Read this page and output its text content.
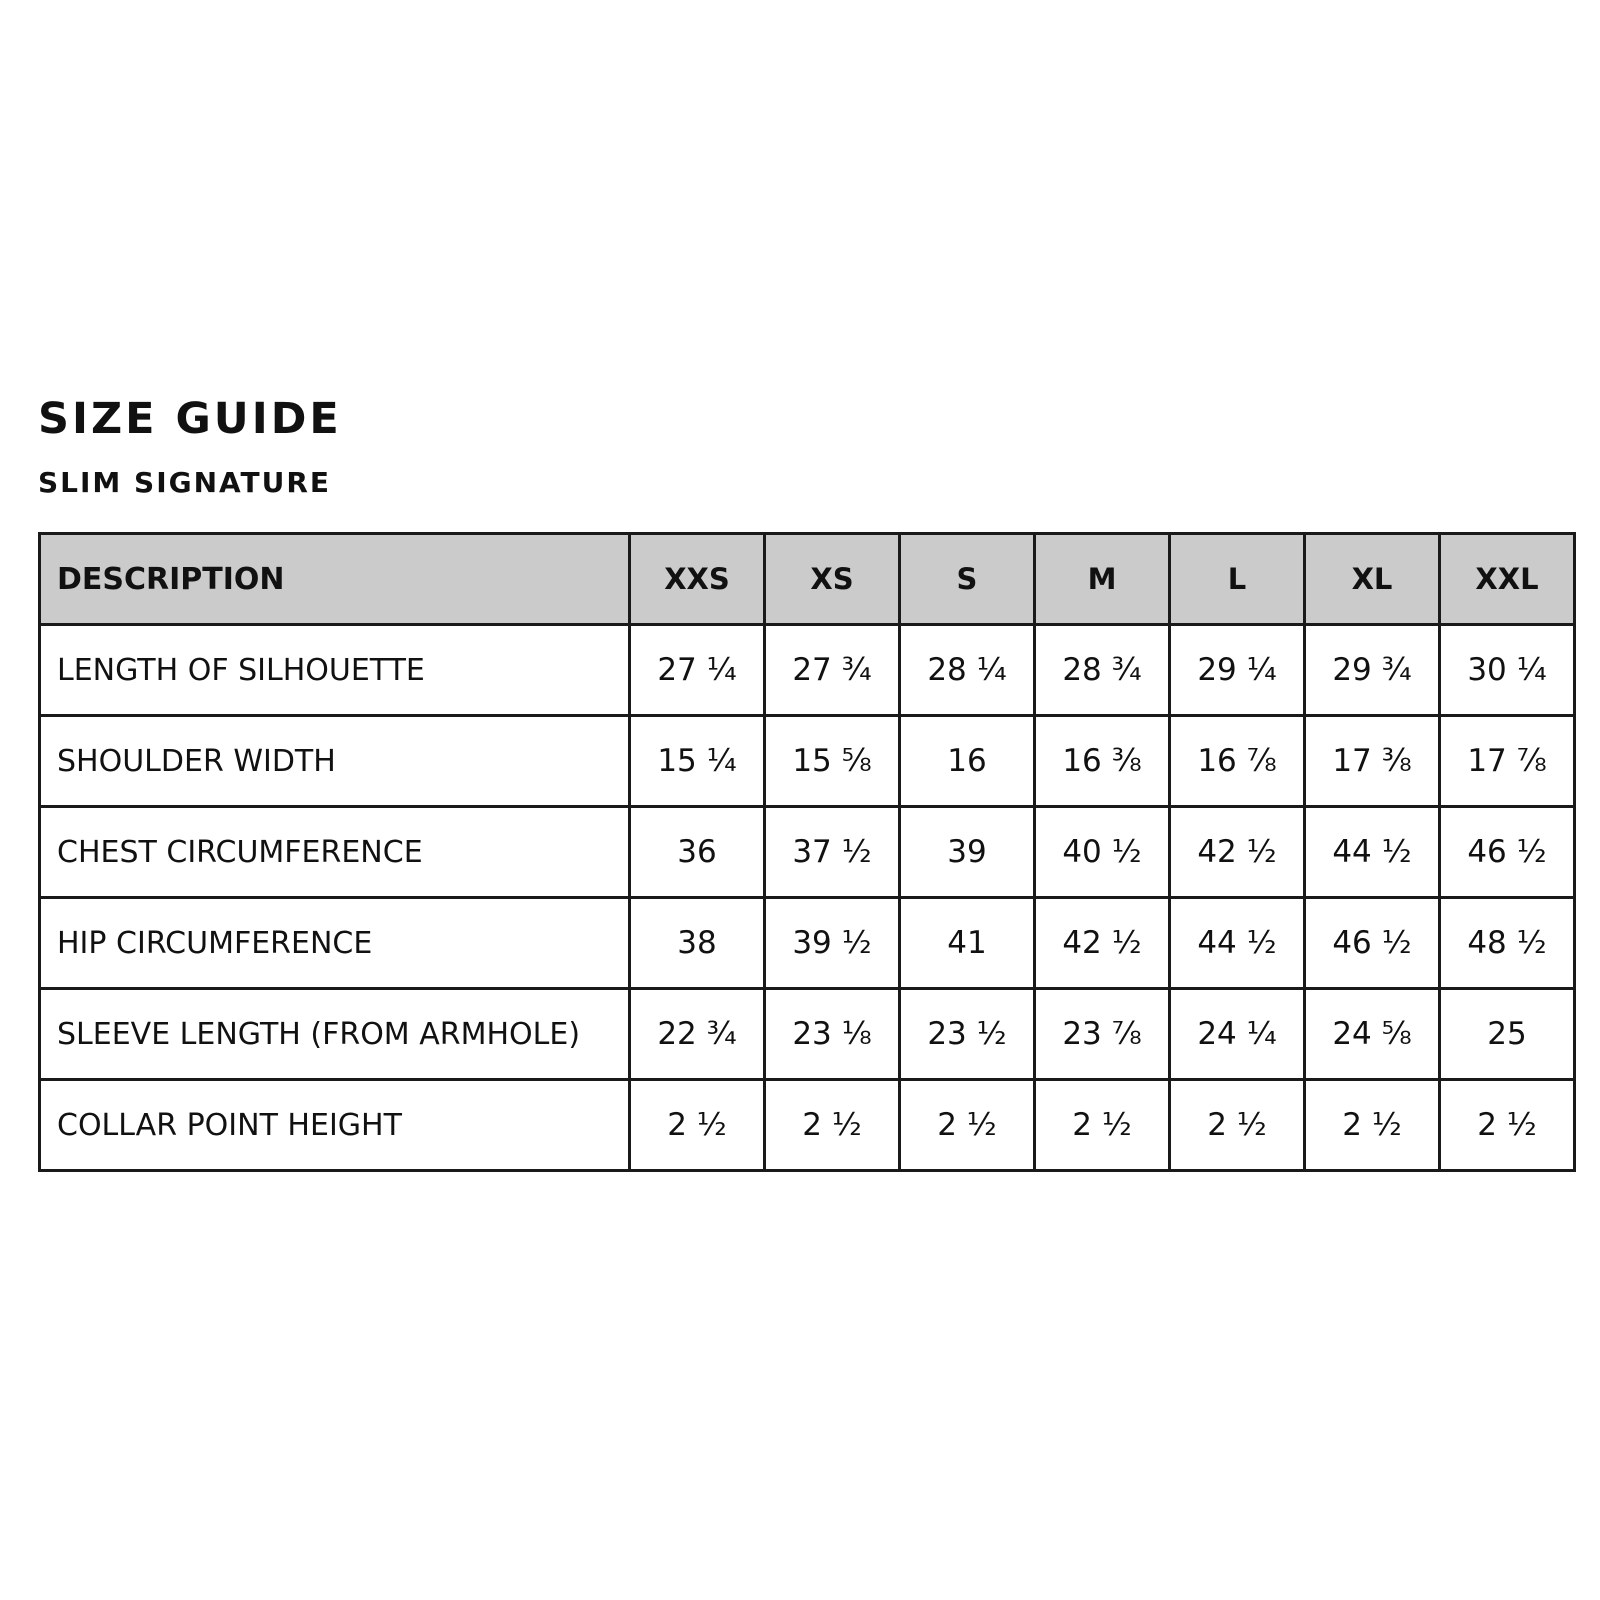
SIZE GUIDE
SLIM SIGNATURE
DESCRIPTION	XXS	XS	S	M	L	XL	XXL
LENGTH OF SILHOUETTE	27 ¼	27 ¾	28 ¼	28 ¾	29 ¼	29 ¾	30 ¼
SHOULDER WIDTH	15 ¼	15 ⅝	16	16 ⅜	16 ⅞	17 ⅜	17 ⅞
CHEST CIRCUMFERENCE	36	37 ½	39	40 ½	42 ½	44 ½	46 ½
HIP CIRCUMFERENCE	38	39 ½	41	42 ½	44 ½	46 ½	48 ½
SLEEVE LENGTH (FROM ARMHOLE)	22 ¾	23 ⅛	23 ½	23 ⅞	24 ¼	24 ⅝	25
COLLAR POINT HEIGHT	2 ½	2 ½	2 ½	2 ½	2 ½	2 ½	2 ½
